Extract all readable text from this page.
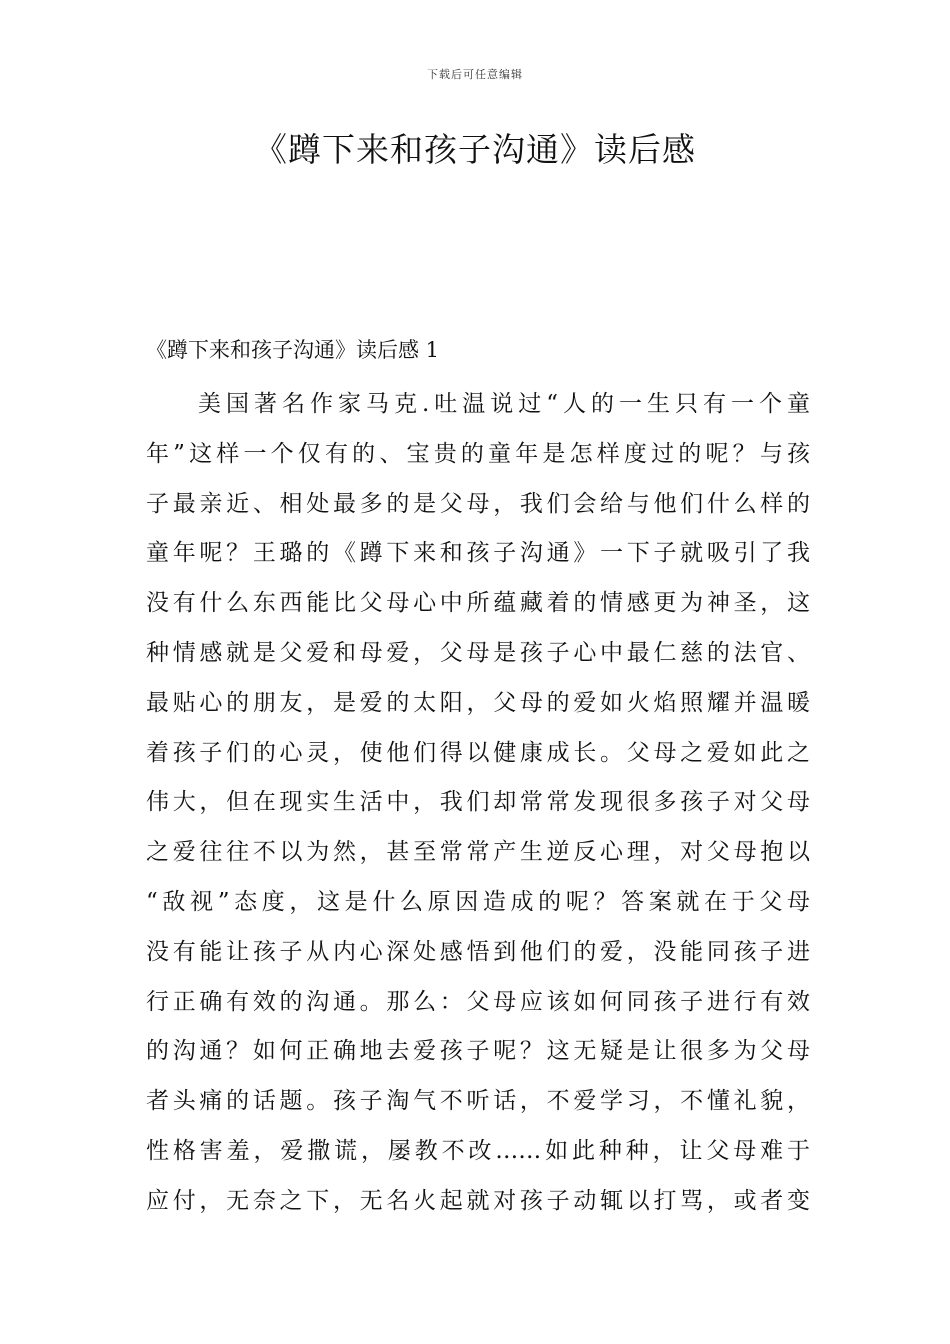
下载后可任意编辑
《蹲下来和孩子沟通》读后感
《蹲下来和孩子沟通》读后感 1
美国著名作家马克.吐温说过“人的一生只有一个童
年”这样一个仅有的、宝贵的童年是怎样度过的呢？与孩
子最亲近、相处最多的是父母，我们会给与他们什么样的
童年呢？王璐的《蹲下来和孩子沟通》一下子就吸引了我
没有什么东西能比父母心中所蕴藏着的情感更为神圣，这
种情感就是父爱和母爱，父母是孩子心中最仁慈的法官、
最贴心的朋友，是爱的太阳，父母的爱如火焰照耀并温暖
着孩子们的心灵，使他们得以健康成长。父母之爱如此之
伟大，但在现实生活中，我们却常常发现很多孩子对父母
之爱往往不以为然，甚至常常产生逆反心理，对父母抱以
“敌视”态度，这是什么原因造成的呢？答案就在于父母
没有能让孩子从内心深处感悟到他们的爱，没能同孩子进
行正确有效的沟通。那么：父母应该如何同孩子进行有效
的沟通？如何正确地去爱孩子呢？这无疑是让很多为父母
者头痛的话题。孩子淘气不听话，不爱学习，不懂礼貌，
性格害羞，爱撒谎，屡教不改……如此种种，让父母难于
应付，无奈之下，无名火起就对孩子动辄以打骂，或者变
